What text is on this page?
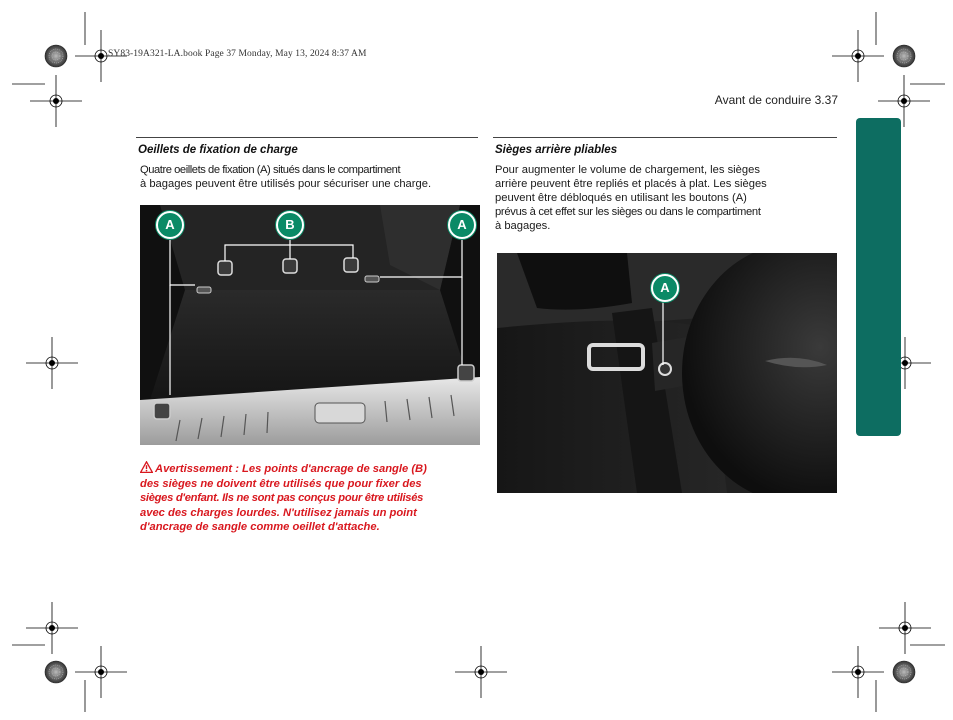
SY83-19A321-LA.book Page 37 Monday, May 13, 2024 8:37 AM
Avant de conduire 3.37
Oeillets de fixation de charge
Quatre oeillets de fixation (A) situés dans le compartiment
à bagages peuvent être utilisés pour sécuriser une charge.
A	B	A
Avertissement : Les points d'ancrage de sangle (B)
des sièges ne doivent être utilisés que pour fixer des
sièges d'enfant. Ils ne sont pas conçus pour être utilisés
avec des charges lourdes. N'utilisez jamais un point
d'ancrage de sangle comme oeillet d'attache.
Sièges arrière pliables
Pour augmenter le volume de chargement, les sièges
arrière peuvent être repliés et placés à plat. Les sièges
peuvent être débloqués en utilisant les boutons (A)
prévus à cet effet sur les sièges ou dans le compartiment
à bagages.
A
